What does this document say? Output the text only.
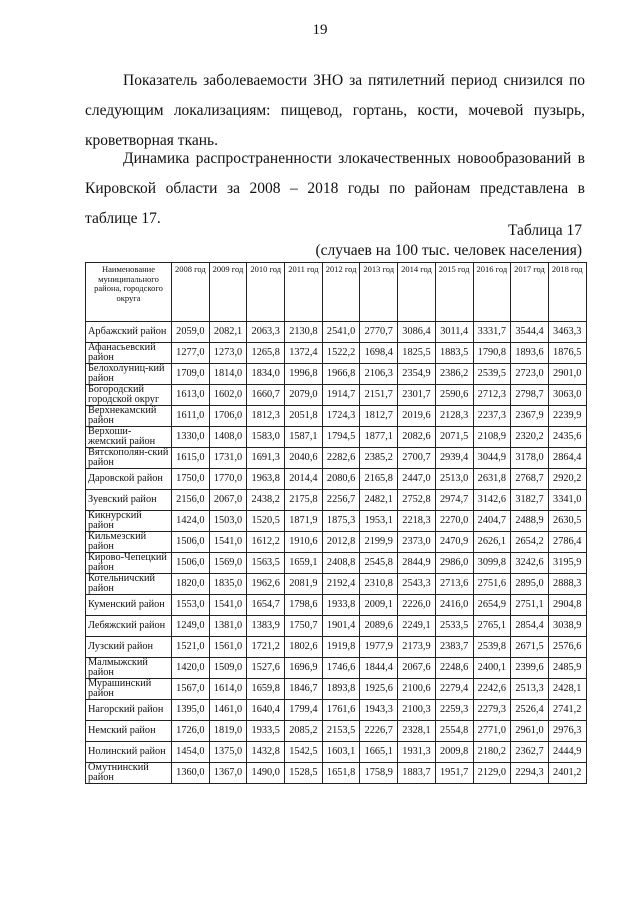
19
Показатель заболеваемости ЗНО за пятилетний период снизился по
следующим локализациям: пищевод, гортань, кости, мочевой пузырь,
кроветворная ткань.
Динамика распространенности злокачественных новообразований в
Кировской области за 2008 – 2018 годы по районам представлена в
таблице 17.
Таблица 17
(случаев на 100 тыс. человек населения)
Наименование муниципального района, городского округа	2008 год	2009 год	2010 год	2011 год	2012 год	2013 год	2014 год	2015 год	2016 год	2017 год	2018 год
Арбажский район	2059,0	2082,1	2063,3	2130,8	2541,0	2770,7	3086,4	3011,4	3331,7	3544,4	3463,3
Афанасьевский район	1277,0	1273,0	1265,8	1372,4	1522,2	1698,4	1825,5	1883,5	1790,8	1893,6	1876,5
Белохолуниц-кий район	1709,0	1814,0	1834,0	1996,8	1966,8	2106,3	2354,9	2386,2	2539,5	2723,0	2901,0
Богородский городской округ	1613,0	1602,0	1660,7	2079,0	1914,7	2151,7	2301,7	2590,6	2712,3	2798,7	3063,0
Верхнекамский район	1611,0	1706,0	1812,3	2051,8	1724,3	1812,7	2019,6	2128,3	2237,3	2367,9	2239,9
Верхоши-жемский район	1330,0	1408,0	1583,0	1587,1	1794,5	1877,1	2082,6	2071,5	2108,9	2320,2	2435,6
Вятскополян-ский район	1615,0	1731,0	1691,3	2040,6	2282,6	2385,2	2700,7	2939,4	3044,9	3178,0	2864,4
Даровской район	1750,0	1770,0	1963,8	2014,4	2080,6	2165,8	2447,0	2513,0	2631,8	2768,7	2920,2
Зуевский район	2156,0	2067,0	2438,2	2175,8	2256,7	2482,1	2752,8	2974,7	3142,6	3182,7	3341,0
Кикнурский район	1424,0	1503,0	1520,5	1871,9	1875,3	1953,1	2218,3	2270,0	2404,7	2488,9	2630,5
Кильмезский район	1506,0	1541,0	1612,2	1910,6	2012,8	2199,9	2373,0	2470,9	2626,1	2654,2	2786,4
Кирово-Чепецкий район	1506,0	1569,0	1563,5	1659,1	2408,8	2545,8	2844,9	2986,0	3099,8	3242,6	3195,9
Котельничский район	1820,0	1835,0	1962,6	2081,9	2192,4	2310,8	2543,3	2713,6	2751,6	2895,0	2888,3
Куменский район	1553,0	1541,0	1654,7	1798,6	1933,8	2009,1	2226,0	2416,0	2654,9	2751,1	2904,8
Лебяжский район	1249,0	1381,0	1383,9	1750,7	1901,4	2089,6	2249,1	2533,5	2765,1	2854,4	3038,9
Лузский район	1521,0	1561,0	1721,2	1802,6	1919,8	1977,9	2173,9	2383,7	2539,8	2671,5	2576,6
Малмыжский район	1420,0	1509,0	1527,6	1696,9	1746,6	1844,4	2067,6	2248,6	2400,1	2399,6	2485,9
Мурашинский район	1567,0	1614,0	1659,8	1846,7	1893,8	1925,6	2100,6	2279,4	2242,6	2513,3	2428,1
Нагорский район	1395,0	1461,0	1640,4	1799,4	1761,6	1943,3	2100,3	2259,3	2279,3	2526,4	2741,2
Немский район	1726,0	1819,0	1933,5	2085,2	2153,5	2226,7	2328,1	2554,8	2771,0	2961,0	2976,3
Нолинский район	1454,0	1375,0	1432,8	1542,5	1603,1	1665,1	1931,3	2009,8	2180,2	2362,7	2444,9
Омутнинский район	1360,0	1367,0	1490,0	1528,5	1651,8	1758,9	1883,7	1951,7	2129,0	2294,3	2401,2
